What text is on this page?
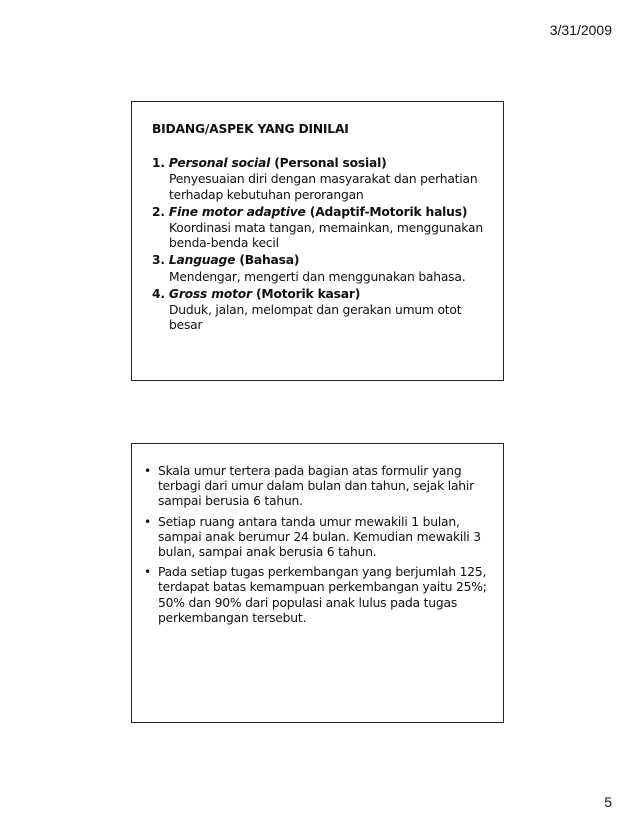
3/31/2009
BIDANG/ASPEK YANG DINILAI
1. Personal social (Personal sosial)
Penyesuaian diri dengan masyarakat dan perhatian terhadap kebutuhan perorangan
2. Fine motor adaptive (Adaptif-Motorik halus)
Koordinasi mata tangan, memainkan, menggunakan benda-benda kecil
3. Language (Bahasa)
Mendengar, mengerti dan menggunakan bahasa.
4. Gross motor (Motorik kasar)
Duduk, jalan, melompat dan gerakan umum otot besar
• Skala umur tertera pada bagian atas formulir yang terbagi dari umur dalam bulan dan tahun, sejak lahir sampai berusia 6 tahun.
• Setiap ruang antara tanda umur mewakili 1 bulan, sampai anak berumur 24 bulan. Kemudian mewakili 3 bulan, sampai anak berusia 6 tahun.
• Pada setiap tugas perkembangan yang berjumlah 125, terdapat batas kemampuan perkembangan yaitu 25%; 50% dan 90% dari populasi anak lulus pada tugas perkembangan tersebut.
5
